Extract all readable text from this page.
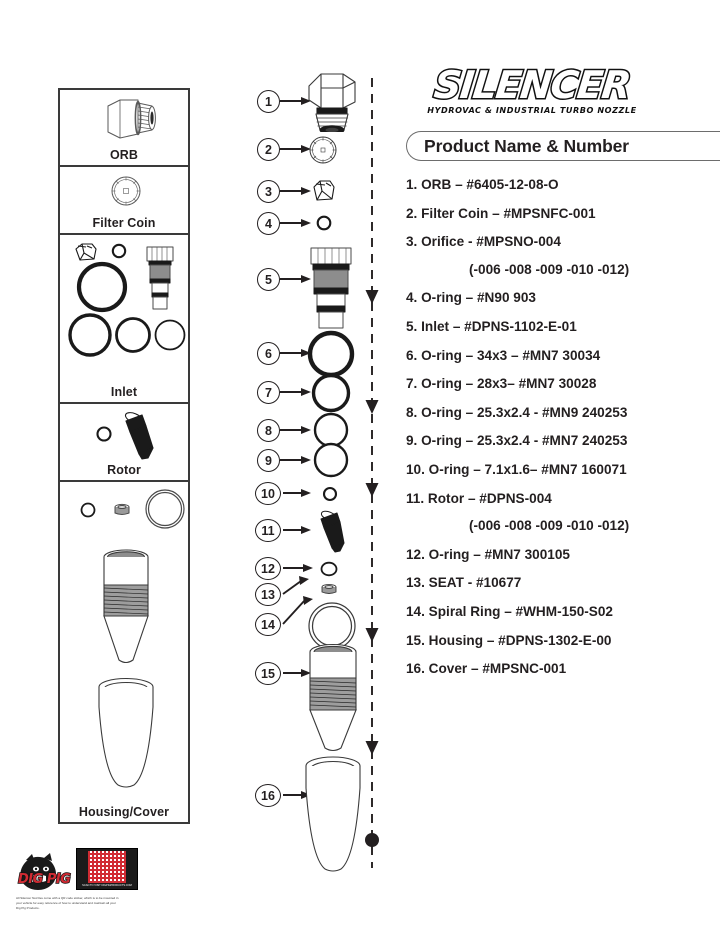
ORB
Filter Coin
Inlet
Rotor
Housing/Cover
1
2
3
4
5
6
7
8
9
10
11
12
13
14
15
16
SILENCER
HYDROVAC & INDUSTRIAL TURBO NOZZLE
Product Name & Number
1. ORB – #6405-12-08-O
2. Filter Coin – #MPSNFC-001
3. Orifice - #MPSNO-004
(-006 -008 -009 -010 -012)
4. O-ring – #N90 903
5. Inlet – #DPNS-1102-E-01
6. O-ring – 34x3 – #MN7 30034
7. O-ring – 28x3– #MN7 30028
8. O-ring – 25.3x2.4 - #MN9 240253
9. O-ring – 25.3x2.4 - #MN7 240253
10. O-ring – 7.1x1.6– #MN7 160071
11. Rotor – #DPNS-004
(-006 -008 -009 -010 -012)
12. O-ring – #MN7 300105
13. SEAT - #10677
14. Spiral Ring – #WHM-150-S02
15. Housing – #DPNS-1302-E-00
16. Cover – #MPSNC-001
DIG PIG	SCAN TO VISIT DIGPIGPRODUCTS.COM
All Silencer Nozzles come with a QR code sticker, which is to be mounted in your vehicle for easy reference of how to understand and maintain all your Dig Pig Products.
